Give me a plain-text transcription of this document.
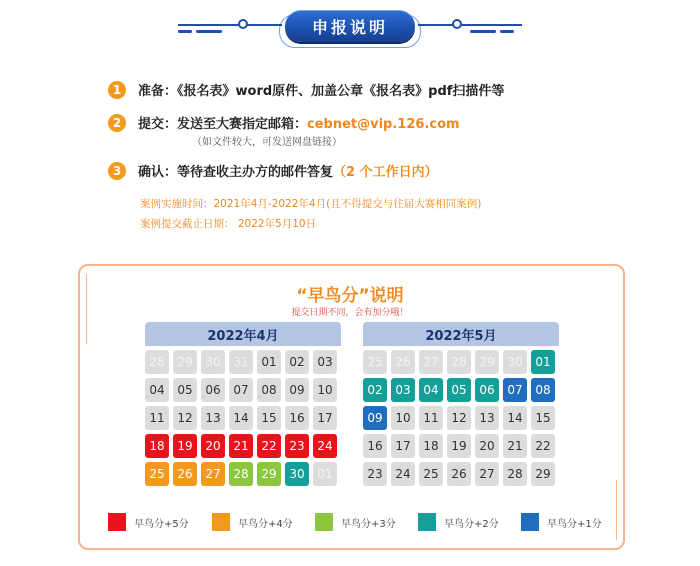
申报说明
1	准备：《报名表》word原件、加盖公章《报名表》pdf扫描件等
2	提交：发送至大赛指定邮箱：cebnet@vip.126.com
（如文件较大，可发送网盘链接）
3	确认：等待查收主办方的邮件答复（2 个工作日内）
案例实施时间：2021年4月-2022年4月(且不得提交与往届大赛相同案例)
案例提交截止日期： 2022年5月10日
“早鸟分”说明
提交日期不同，会有加分哦！
2022年4月
28	29	30	31	01	02	03
04	05	06	07	08	09	10
11	12	13	14	15	16	17
18	19	20	21	22	23	24
25	26	27	28	29	30	01
2022年5月
25	26	27	28	29	30	01
02	03	04	05	06	07	08
09	10	11	12	13	14	15
16	17	18	19	20	21	22
23	24	25	26	27	28	29
早鸟分+5分	早鸟分+4分	早鸟分+3分	早鸟分+2分	早鸟分+1分
